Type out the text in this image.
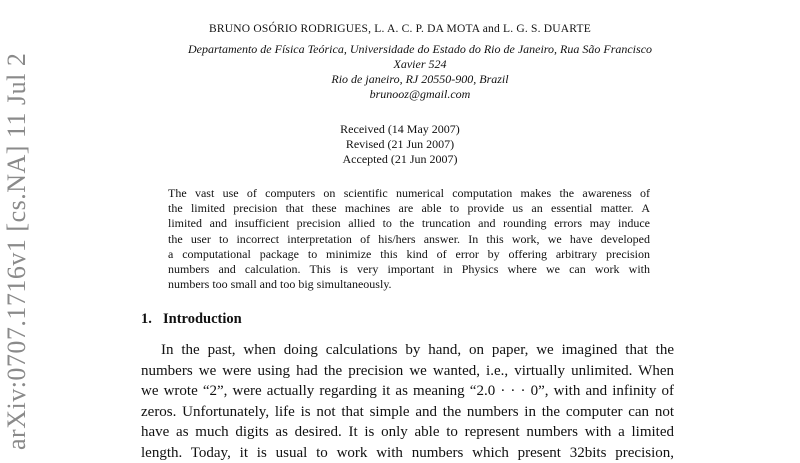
arXiv:0707.1716v1 [cs.NA] 11 Jul 2
BRUNO OSÓRIO RODRIGUES, L. A. C. P. DA MOTA and L. G. S. DUARTE
Departamento de Física Teórica, Universidade do Estado do Rio de Janeiro, Rua São Francisco
Xavier 524
Rio de janeiro, RJ 20550-900, Brazil
brunooz@gmail.com
Received (14 May 2007)
Revised (21 Jun 2007)
Accepted (21 Jun 2007)
The vast use of computers on scientific numerical computation makes the awareness of
the limited precision that these machines are able to provide us an essential matter. A
limited and insufficient precision allied to the truncation and rounding errors may induce
the user to incorrect interpretation of his/hers answer. In this work, we have developed
a computational package to minimize this kind of error by offering arbitrary precision
numbers and calculation. This is very important in Physics where we can work with
numbers too small and too big simultaneously.
1. Introduction
In the past, when doing calculations by hand, on paper, we imagined that the
numbers we were using had the precision we wanted, i.e., virtually unlimited. When
we wrote “2”, were actually regarding it as meaning “2.0 · · · 0”, with and infinity of
zeros. Unfortunately, life is not that simple and the numbers in the computer can not
have as much digits as desired. It is only able to represent numbers with a limited
length. Today, it is usual to work with numbers which present 32bits precision,
